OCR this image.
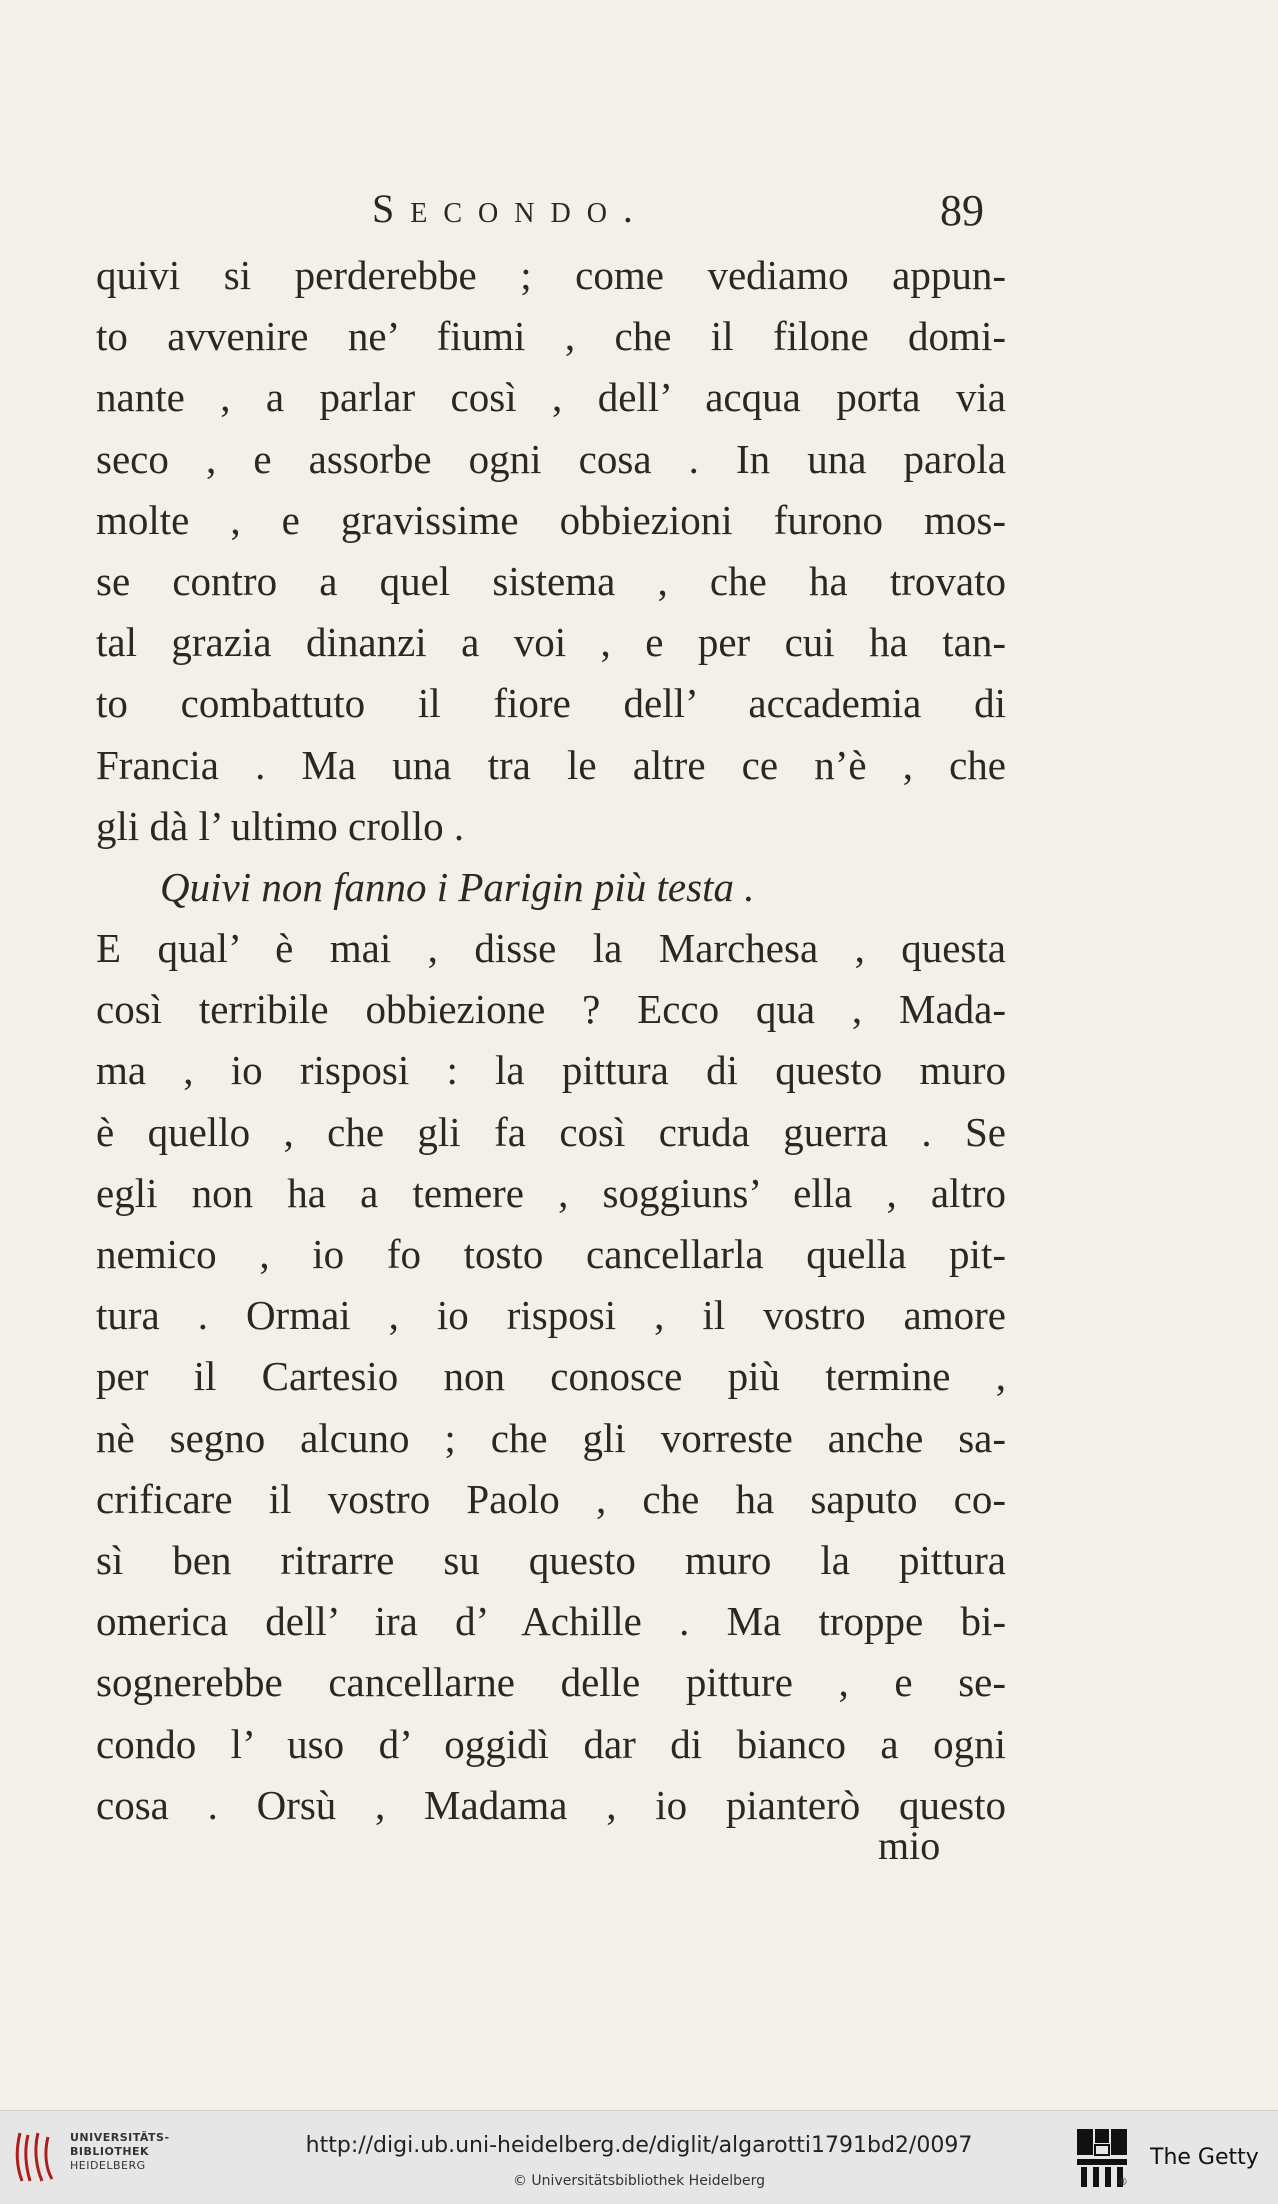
Secondo.	89
quivi si perderebbe ; come vediamo appun-
to avvenire ne’ fiumi , che il filone domi-
nante , a parlar così , dell’ acqua porta via
seco , e assorbe ogni cosa . In una parola
molte , e gravissime obbiezioni furono mos-
se contro a quel sistema , che ha trovato
tal grazia dinanzi a voi , e per cui ha tan-
to combattuto il fiore dell’ accademia di
Francia . Ma una tra le altre ce n’è , che
gli dà l’ ultimo crollo .
Quivi non fanno i Parigin più testa .
E qual’ è mai , disse la Marchesa , questa
così terribile obbiezione ? Ecco qua , Mada-
ma , io risposi : la pittura di questo muro
è quello , che gli fa così cruda guerra . Se
egli non ha a temere , soggiuns’ ella , altro
nemico , io fo tosto cancellarla quella pit-
tura . Ormai , io risposi , il vostro amore
per il Cartesio non conosce più termine ,
nè segno alcuno ; che gli vorreste anche sa-
crificare il vostro Paolo , che ha saputo co-
sì ben ritrarre su questo muro la pittura
omerica dell’ ira d’ Achille . Ma troppe bi-
sognerebbe cancellarne delle pitture , e se-
condo l’ uso d’ oggidì dar di bianco a ogni
cosa . Orsù , Madama , io pianterò questo
mio
UNIVERSITÄTS-
BIBLIOTHEK
HEIDELBERG
http://digi.ub.uni-heidelberg.de/diglit/algarotti1791bd2/0097
© Universitätsbibliothek Heidelberg	®
The Getty
